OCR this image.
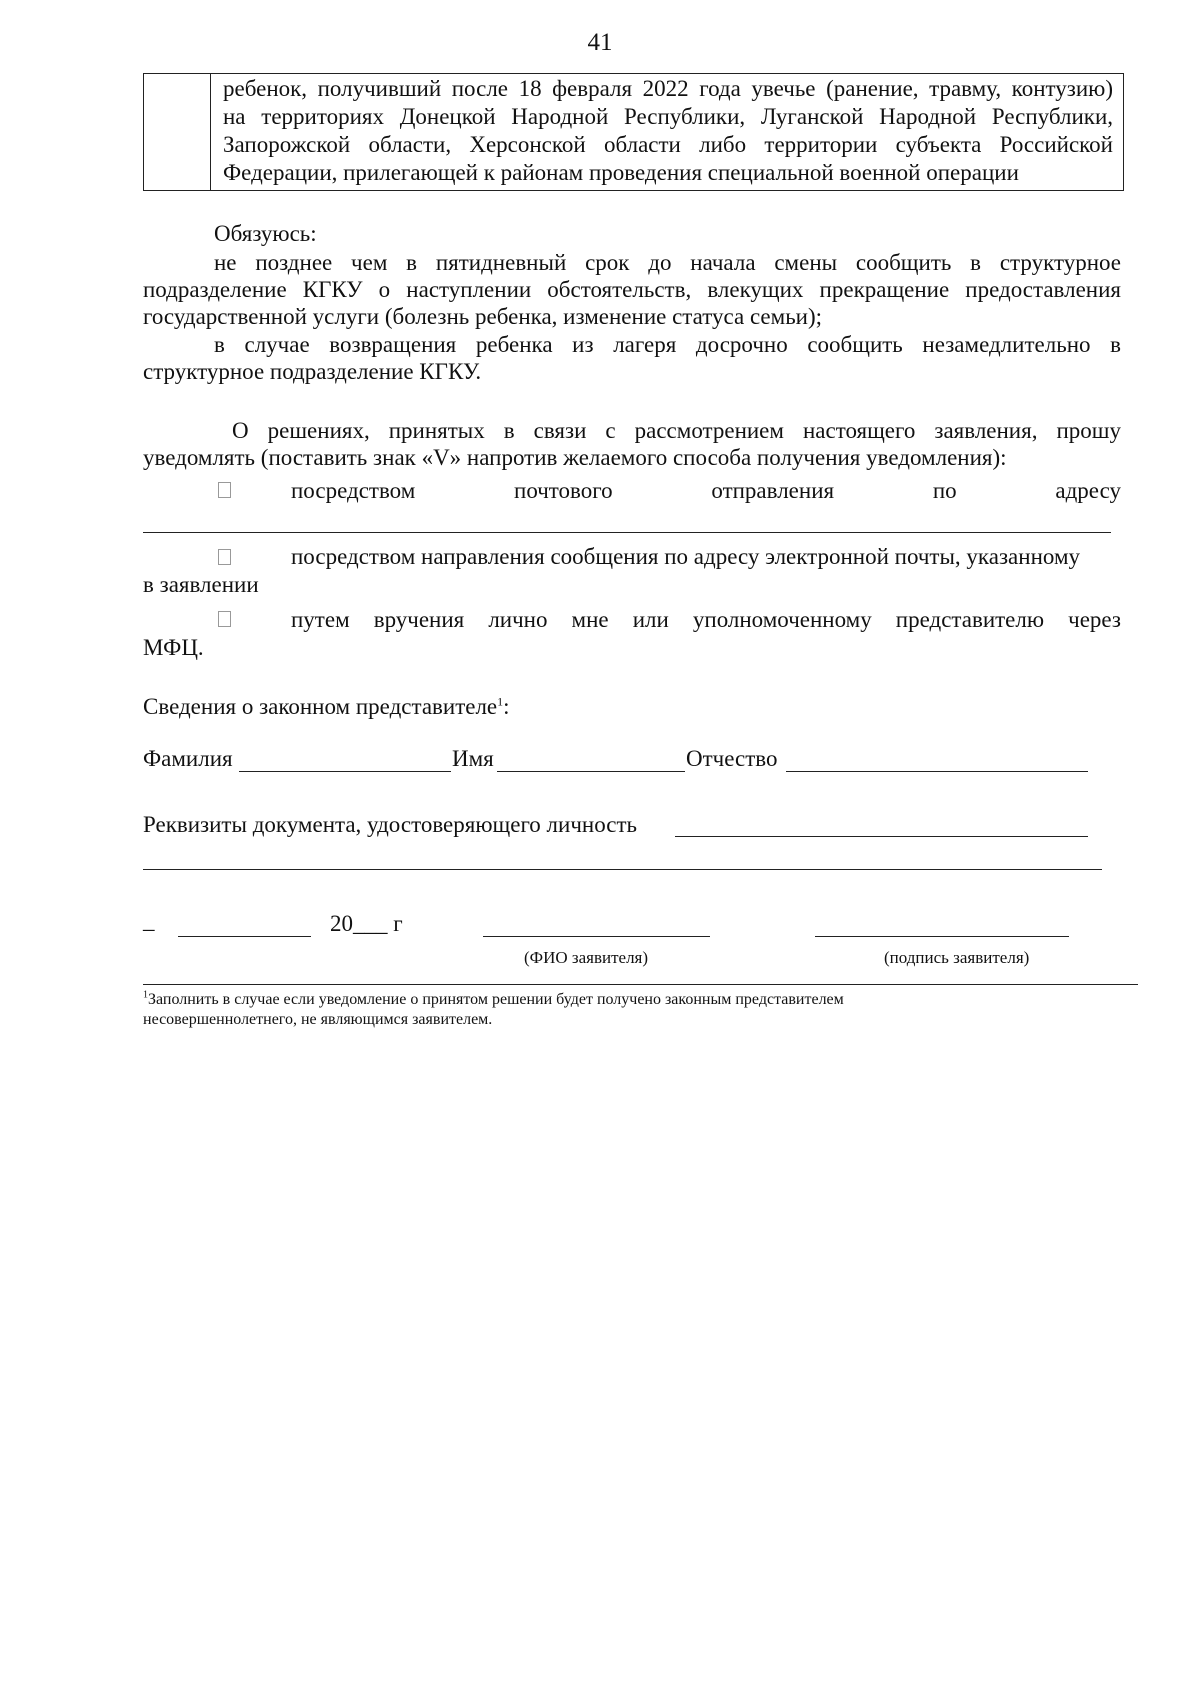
41
ребенок, получивший после 18 февраля 2022 года увечье (ранение, травму, контузию)
на территориях Донецкой Народной Республики, Луганской Народной Республики,
Запорожской области, Херсонской области либо территории субъекта Российской
Федерации, прилегающей к районам проведения специальной военной операции
Обязуюсь:
не позднее чем в пятидневный срок до начала смены сообщить в структурное
подразделение КГКУ о наступлении обстоятельств, влекущих прекращение предоставления
государственной услуги (болезнь ребенка, изменение статуса семьи);
в случае возвращения ребенка из лагеря досрочно сообщить незамедлительно в
структурное подразделение КГКУ.
О решениях, принятых в связи с рассмотрением настоящего заявления, прошу
уведомлять (поставить знак «V» напротив желаемого способа получения уведомления):
посредством почтового отправления по адресу
посредством направления сообщения по адресу электронной почты, указанному
в заявлении
путем вручения лично мне или уполномоченному представителю через
МФЦ.
Сведения о законном представителе$^1$:
Фамилия	Имя	Отчество
Реквизиты документа, удостоверяющего личность
_	20___ г
(ФИО заявителя)	(подпись заявителя)
$^1$Заполнить в случае если уведомление о принятом решении будет получено законным представителем
несовершеннолетнего, не являющимся заявителем.
